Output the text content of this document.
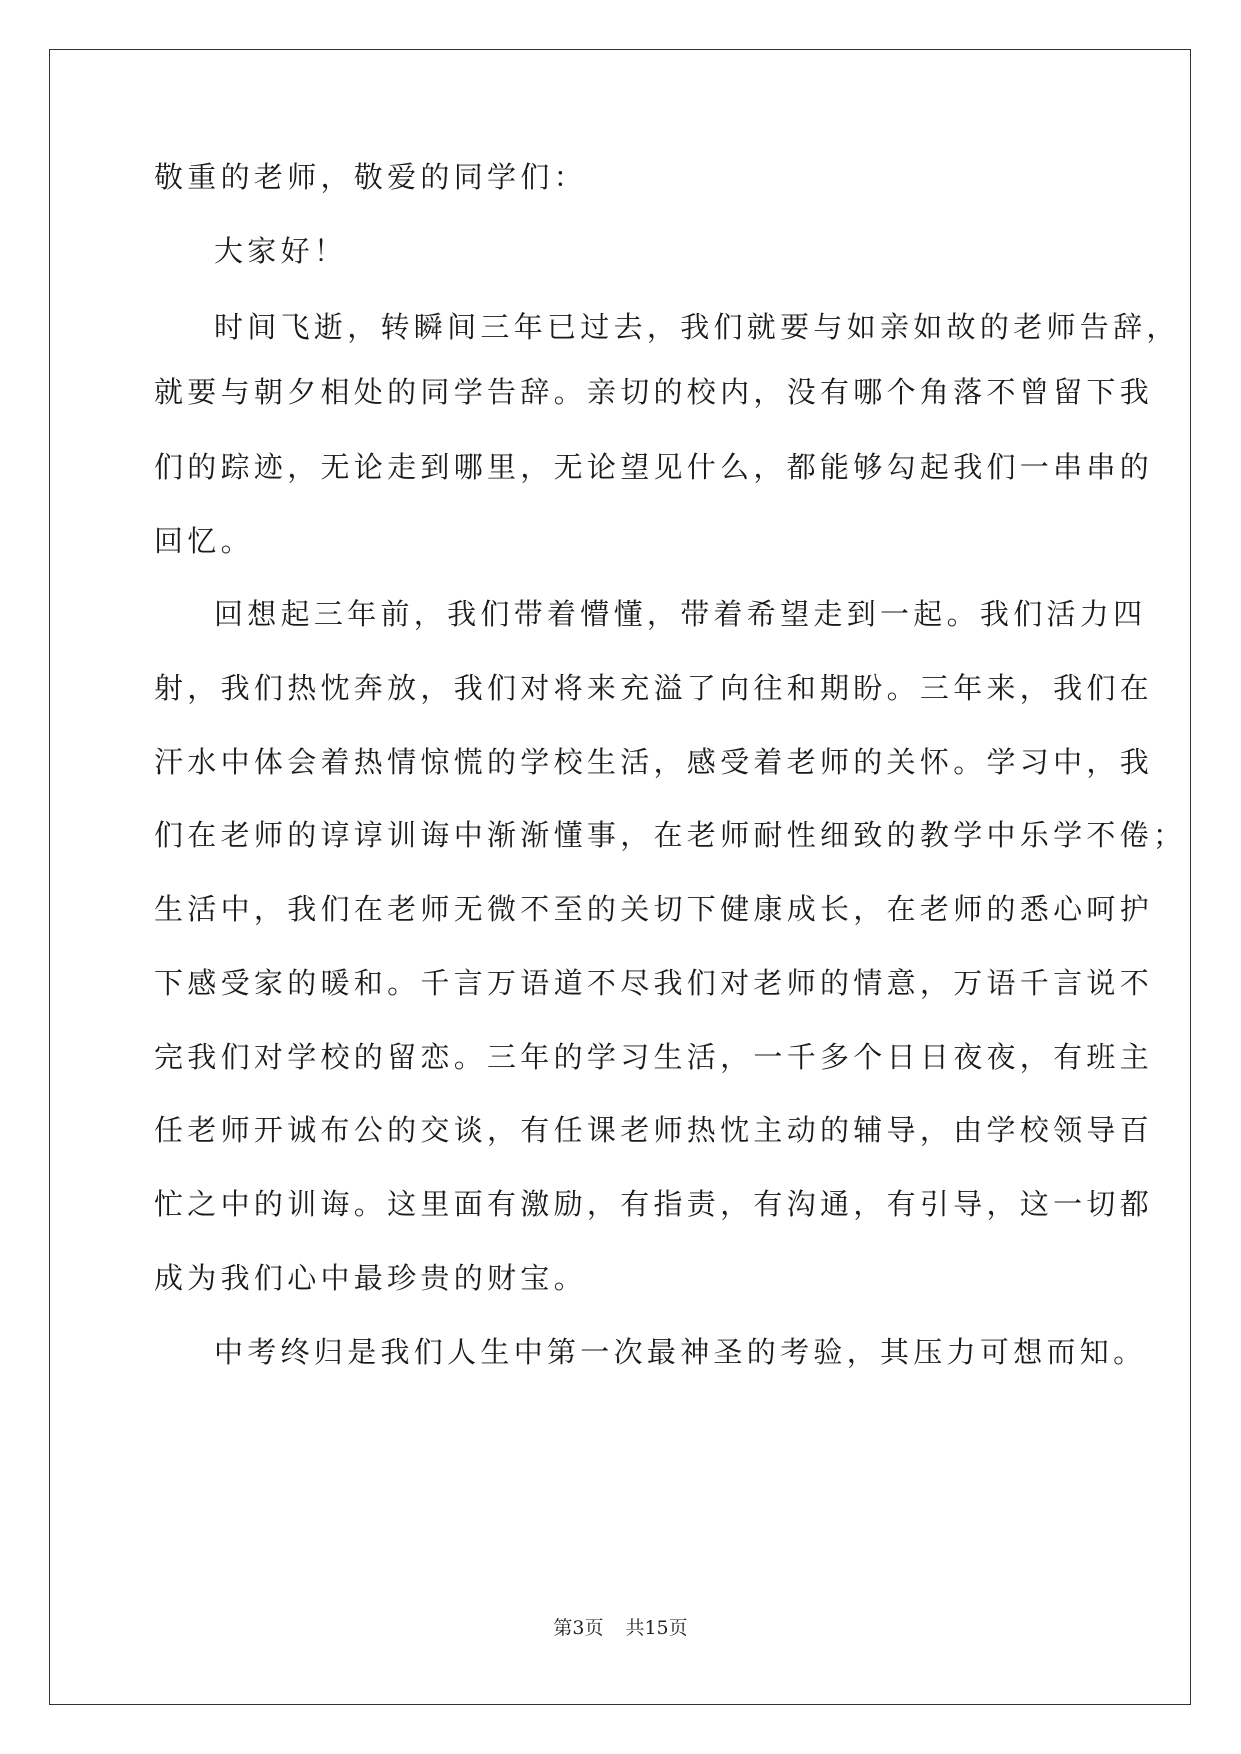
敬重的老师，敬爱的同学们：
大家好！
时间飞逝，转瞬间三年已过去，我们就要与如亲如故的老师告辞，
就要与朝夕相处的同学告辞。亲切的校内，没有哪个角落不曾留下我
们的踪迹，无论走到哪里，无论望见什么，都能够勾起我们一串串的
回忆。
回想起三年前，我们带着懵懂，带着希望走到一起。我们活力四
射，我们热忱奔放，我们对将来充溢了向往和期盼。三年来，我们在
汗水中体会着热情惊慌的学校生活，感受着老师的关怀。学习中，我
们在老师的谆谆训诲中渐渐懂事，在老师耐性细致的教学中乐学不倦；
生活中，我们在老师无微不至的关切下健康成长，在老师的悉心呵护
下感受家的暖和。千言万语道不尽我们对老师的情意，万语千言说不
完我们对学校的留恋。三年的学习生活，一千多个日日夜夜，有班主
任老师开诚布公的交谈，有任课老师热忱主动的辅导，由学校领导百
忙之中的训诲。这里面有激励，有指责，有沟通，有引导，这一切都
成为我们心中最珍贵的财宝。
中考终归是我们人生中第一次最神圣的考验，其压力可想而知。
第3页 共15页
